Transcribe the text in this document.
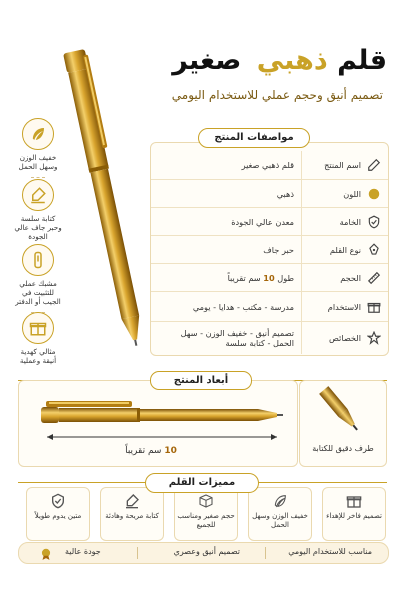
قلم ذهبي صغير
تصميم أنيق وحجم عملي للاستخدام اليومي
خفيف الوزن وسهل الحمل
كتابة سلسة وحبر جاف عالي الجودة
مشبك عملي للتثبيت في الجيب أو الدفتر
مثالي كهدية أنيقة وعملية
اسم المنتج
قلم ذهبي صغير
اللون
ذهبي
الخامة
معدن عالي الجودة
نوع القلم
حبر جاف
الحجم
طول 10 سم تقريباً
الاستخدام
مدرسة - مكتب - هدايا - يومي
الخصائص
تصميم أنيق - خفيف الوزن - سهل الحمل - كتابة سلسة
مواصفات المنتج
10 سم تقريباً	طرف دقيق للكتابة
أبعاد المنتج
تصميم فاخر للإهداء
خفيف الوزن وسهل الحمل
حجم صغير ومناسب للجميع
كتابة مريحة وهادئة
متين يدوم طويلاً
مميزات القلم
مناسب للاستخدام اليومي
تصميم أنيق وعصري
جودة عالية
